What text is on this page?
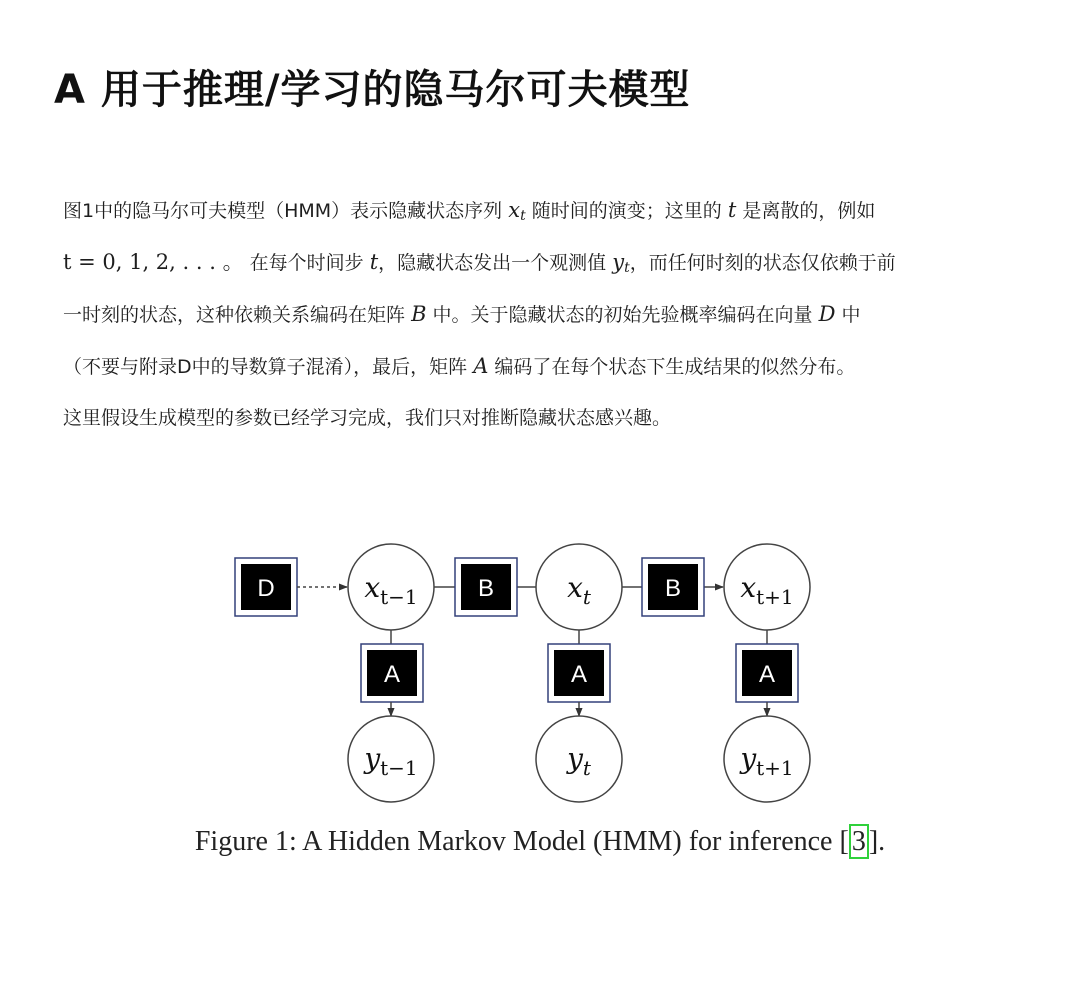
A 用于推理/学习的隐马尔可夫模型
图1中的隐马尔可夫模型（HMM）表示隐藏状态序列 $x_t$ 随时间的演变；这里的 t 是离散的，例如
t = 0, 1, 2, . . . 。 在每个时间步 t，隐藏状态发出一个观测值 $y_t$，而任何时刻的状态仅依赖于前
一时刻的状态，这种依赖关系编码在矩阵 B 中。关于隐藏状态的初始先验概率编码在向量 D 中
（不要与附录D中的导数算子混淆），最后，矩阵 A 编码了在每个状态下生成结果的似然分布。
这里假设生成模型的参数已经学习完成，我们只对推断隐藏状态感兴趣。
D	B	B
$x_{t-1}$	$x_t$	$x_{t+1}$
A	A	A
$y_{t-1}$	$y_t$	$y_{t+1}$
Figure 1: A Hidden Markov Model (HMM) for inference [ 3 ].
